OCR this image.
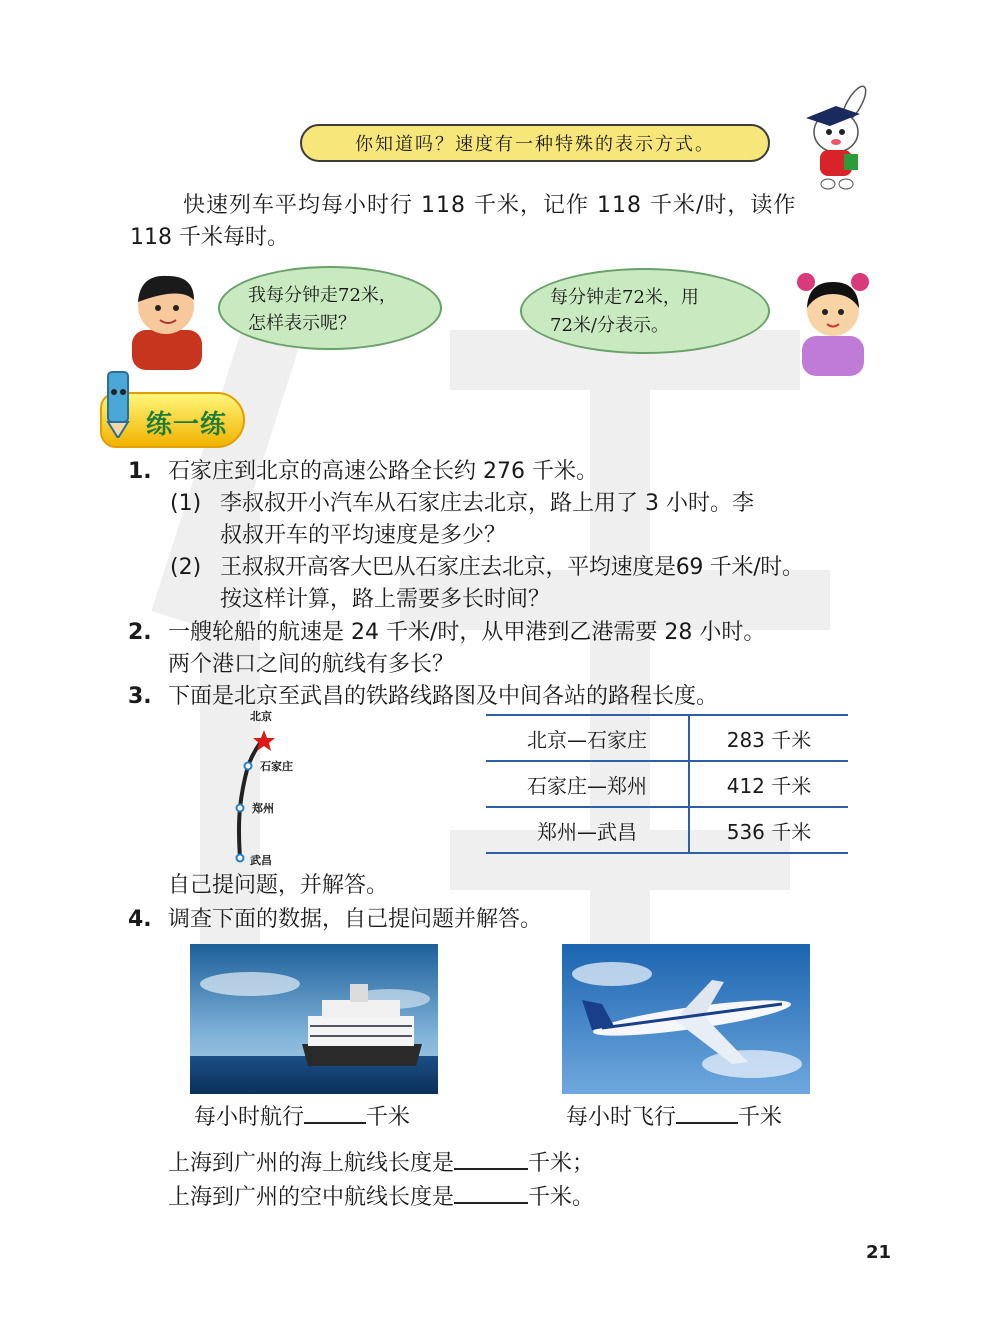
你知道吗？速度有一种特殊的表示方式。
快速列车平均每小时行 118 千米，记作 118 千米/时，读作
118 千米每时。
我每分钟走72米，
怎样表示呢？
每分钟走72米，用
72米/分表示。
练一练
1. 石家庄到北京的高速公路全长约 276 千米。
(1) 李叔叔开小汽车从石家庄去北京，路上用了 3 小时。李
叔叔开车的平均速度是多少？
(2) 王叔叔开高客大巴从石家庄去北京，平均速度是69 千米/时。
按这样计算，路上需要多长时间？
2. 一艘轮船的航速是 24 千米/时，从甲港到乙港需要 28 小时。
两个港口之间的航线有多长？
3. 下面是北京至武昌的铁路线路图及中间各站的路程长度。
北京
石家庄
郑州
武昌
北京—石家庄	283 千米
石家庄—郑州	412 千米
郑州—武昌	536 千米
自己提问题，并解答。
4. 调查下面的数据，自己提问题并解答。
每小时航行	千米	每小时飞行	千米
上海到广州的海上航线长度是	千米；
上海到广州的空中航线长度是	千米。
21
